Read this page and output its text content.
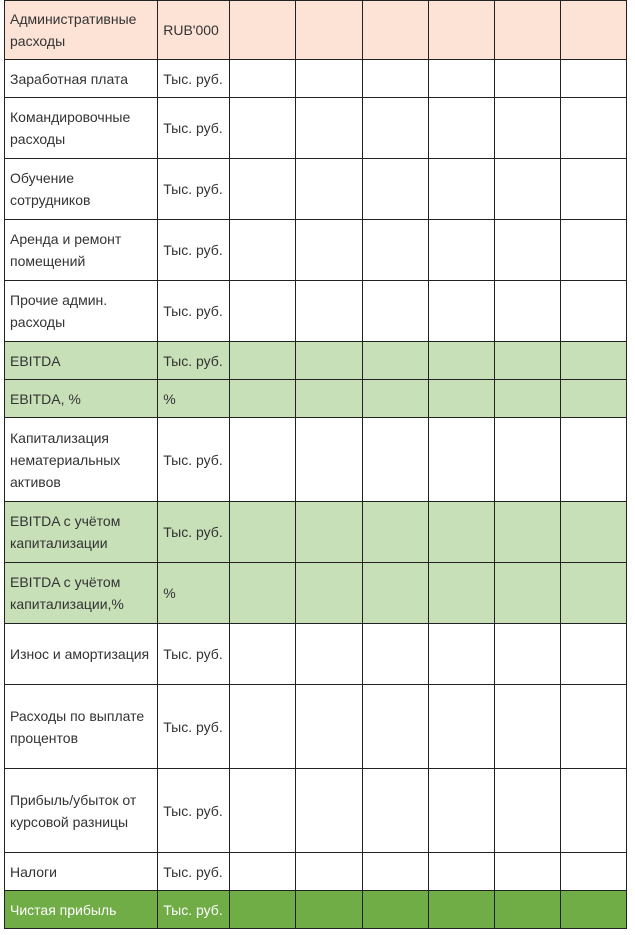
Административные расходы	RUB'000						
Заработная плата	Тыс. руб.						
Командировочные расходы	Тыс. руб.						
Обучение сотрудников	Тыс. руб.						
Аренда и ремонт помещений	Тыс. руб.						
Прочие админ. расходы	Тыс. руб.						
EBITDA	Тыс. руб.						
EBITDA, %	%						
Капитализация нематериальных активов	Тыс. руб.						
EBITDA с учётом капитализации	Тыс. руб.						
EBITDA с учётом капитализации,%	%						
Износ и амортизация	Тыс. руб.						
Расходы по выплате процентов	Тыс. руб.						
Прибыль/убыток от курсовой разницы	Тыс. руб.						
Налоги	Тыс. руб.						
Чистая прибыль	Тыс. руб.						
